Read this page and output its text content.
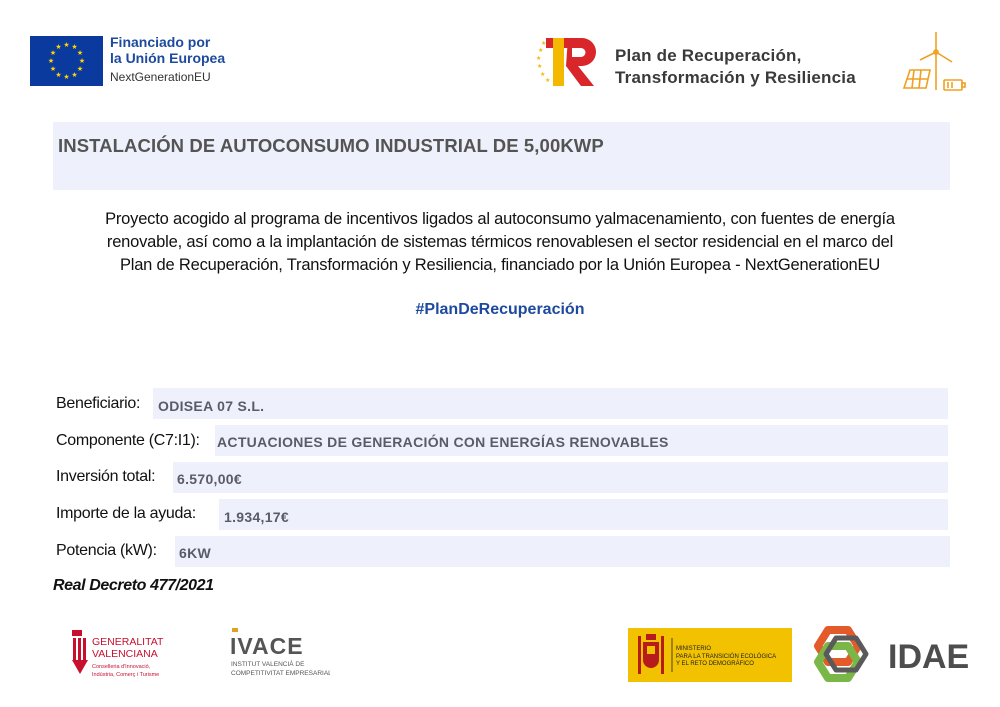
★ ★
★
★
★
★
★
★
★
★
★
★	Financiado por
la Unión Europea
NextGenerationEU
★
★
★
★
★
★
Plan de Recuperación,
Transformación y Resiliencia
INSTALACIÓN DE AUTOCONSUMO INDUSTRIAL DE 5,00KWP
Proyecto acogido al programa de incentivos ligados al autoconsumo yalmacenamiento, con fuentes de energía
renovable, así como a la implantación de sistemas térmicos renovablesen el sector residencial en el marco del
Plan de Recuperación, Transformación y Resiliencia, financiado por la Unión Europea - NextGenerationEU
#PlanDeRecuperación
Beneficiario: ODISEA 07 S.L.
Componente (C7:I1): ACTUACIONES DE GENERACIÓN CON ENERGÍAS RENOVABLES
Inversión total: 6.570,00€
Importe de la ayuda: 1.934,17€
Potencia (kW): 6KW
Real Decreto 477/2021
GENERALITAT
VALENCIANA
Conselleria d'Innovació,
Indústria, Comerç i Turisme
IVACE
INSTITUT VALENCIÀ DE
COMPETITIVITAT EMPRESARIAL
MINISTERIO
PARA LA TRANSICIÓN ECOLÓGICA
Y EL RETO DEMOGRÁFICO	IDAE
